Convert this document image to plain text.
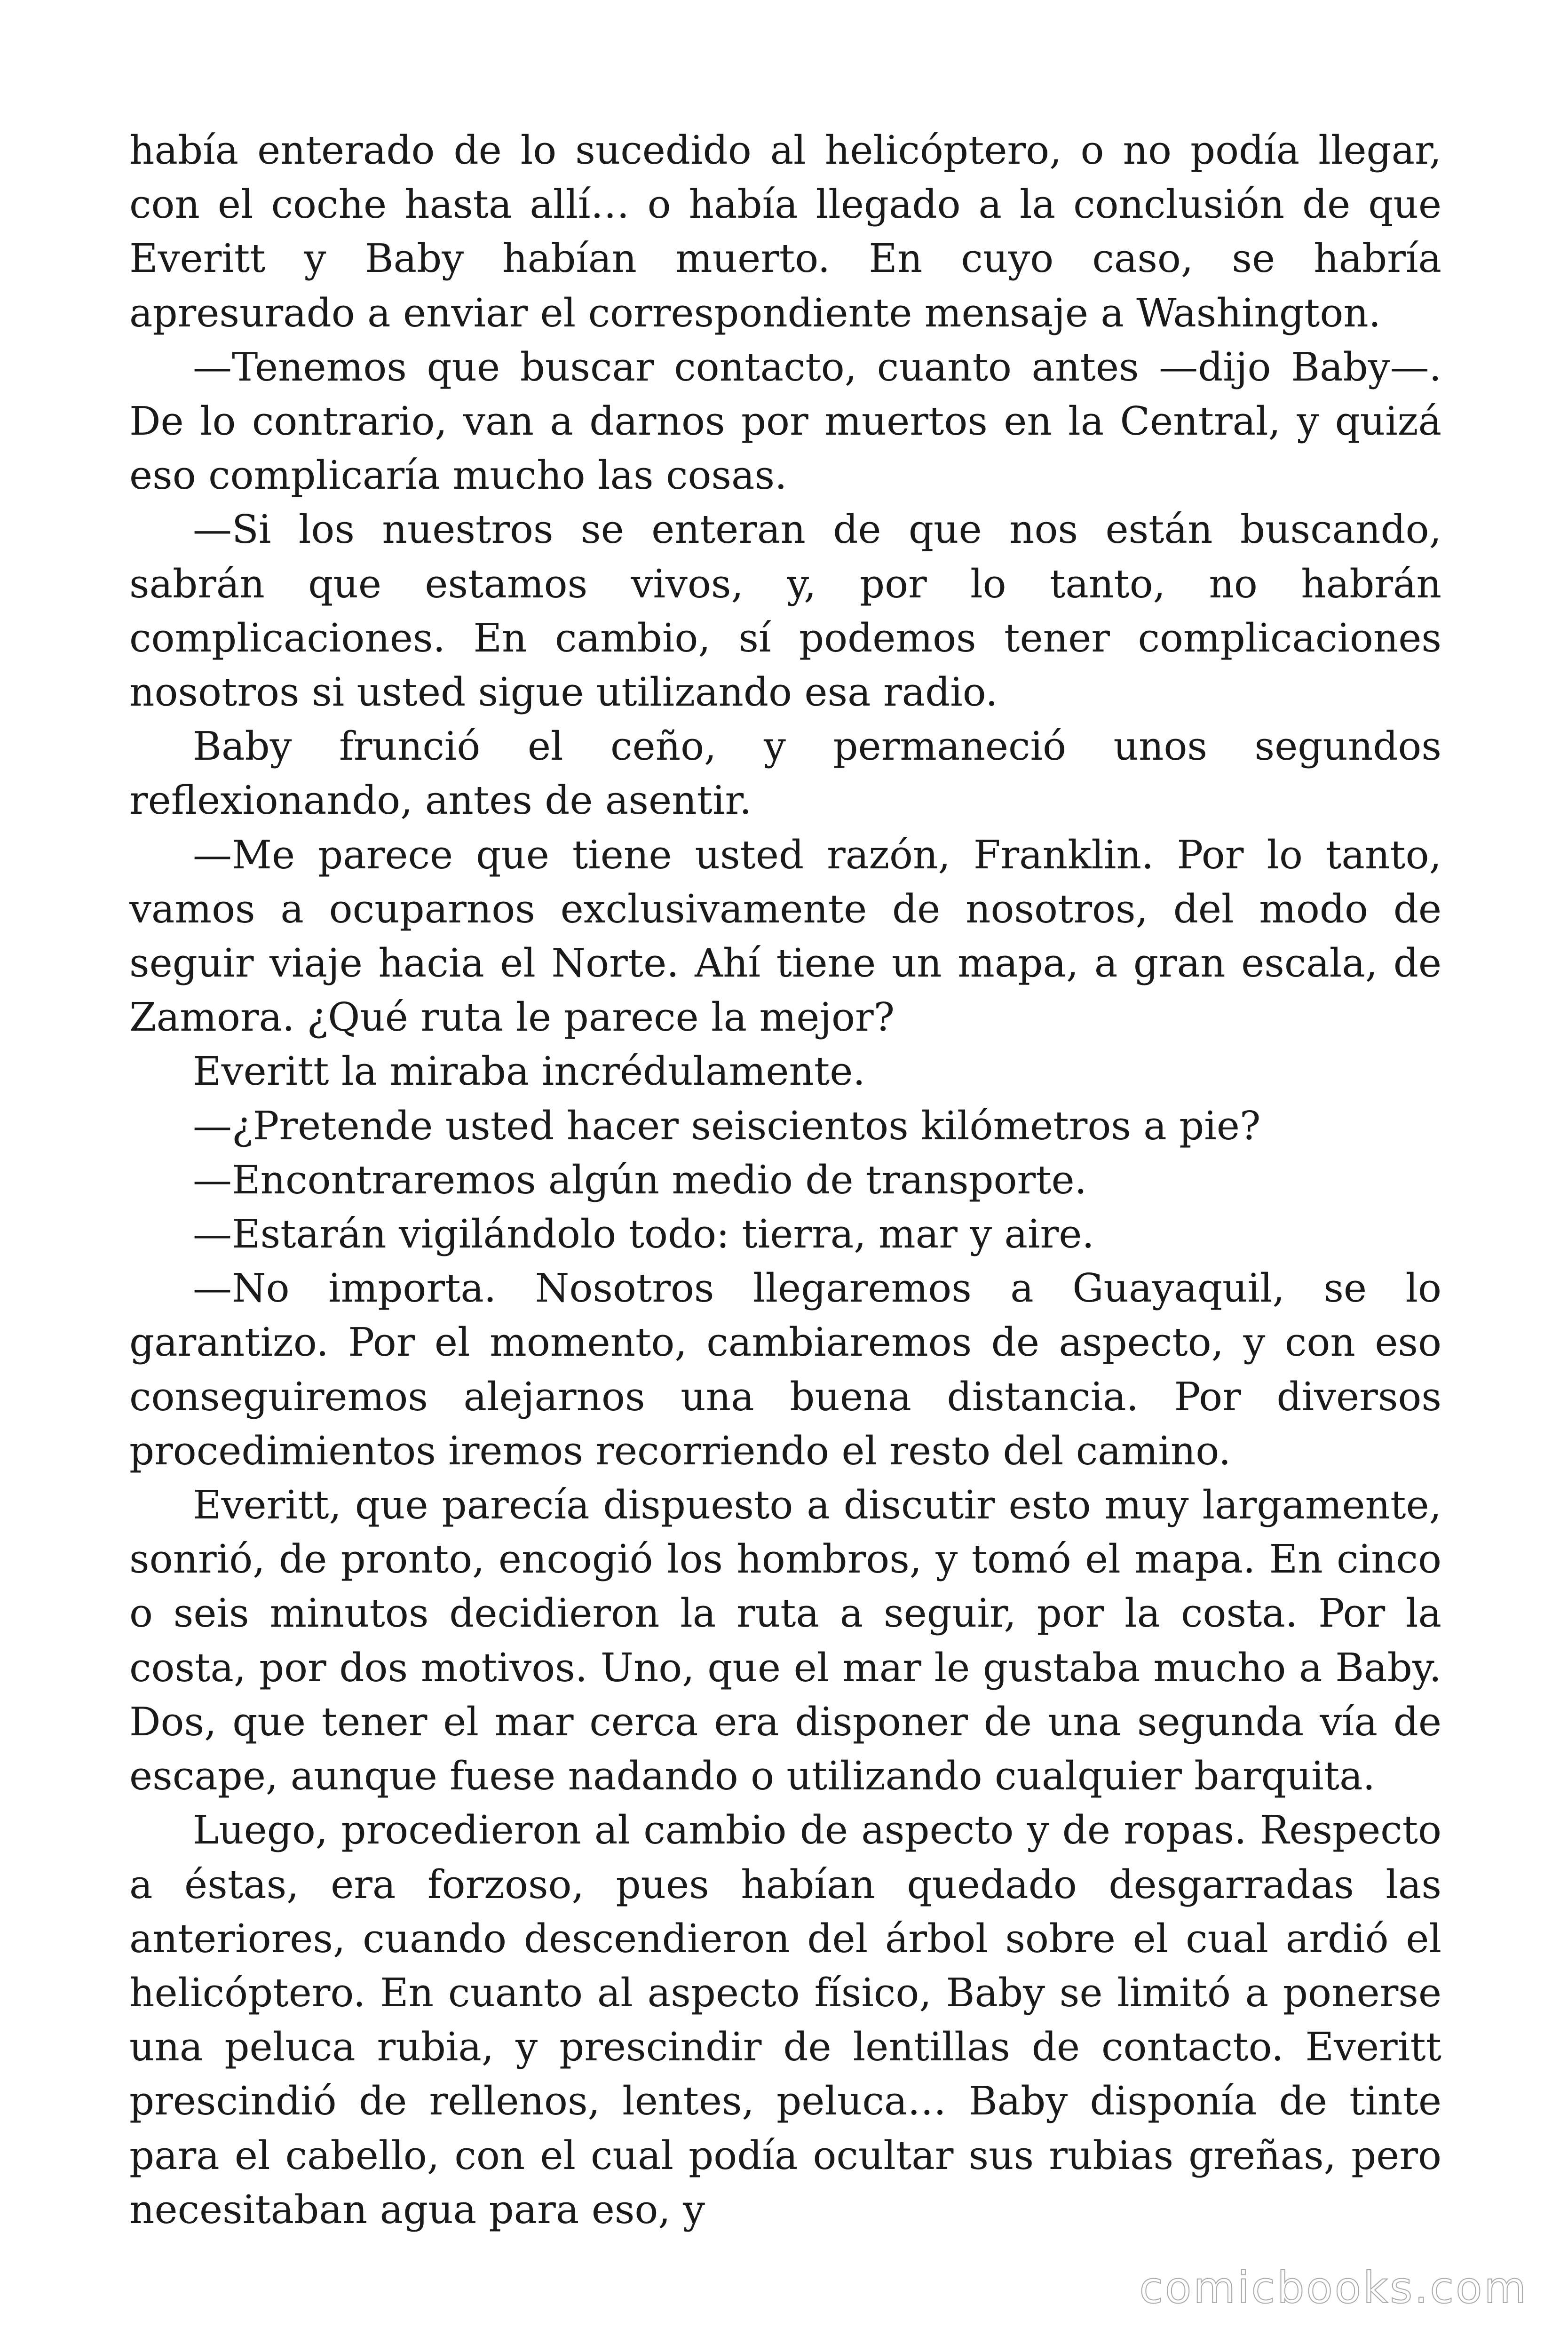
había enterado de lo sucedido al helicóptero, o no podía llegar, con el coche hasta allí… o había llegado a la conclusión de que Everitt y Baby habían muerto. En cuyo caso, se habría apresurado a enviar el correspondiente mensaje a Washington.

—Tenemos que buscar contacto, cuanto antes —dijo Baby—. De lo contrario, van a darnos por muertos en la Central, y quizá eso complicaría mucho las cosas.

—Si los nuestros se enteran de que nos están buscando, sabrán que estamos vivos, y, por lo tanto, no habrán complicaciones. En cambio, sí podemos tener complicaciones nosotros si usted sigue utilizando esa radio.

Baby frunció el ceño, y permaneció unos segundos reflexionando, antes de asentir.

—Me parece que tiene usted razón, Franklin. Por lo tanto, vamos a ocuparnos exclusivamente de nosotros, del modo de seguir viaje hacia el Norte. Ahí tiene un mapa, a gran escala, de Zamora. ¿Qué ruta le parece la mejor?

Everitt la miraba incrédulamente.

—¿Pretende usted hacer seiscientos kilómetros a pie?

—Encontraremos algún medio de transporte.

—Estarán vigilándolo todo: tierra, mar y aire.

—No importa. Nosotros llegaremos a Guayaquil, se lo garantizo. Por el momento, cambiaremos de aspecto, y con eso conseguiremos alejarnos una buena distancia. Por diversos procedimientos iremos recorriendo el resto del camino.

Everitt, que parecía dispuesto a discutir esto muy largamente, sonrió, de pronto, encogió los hombros, y tomó el mapa. En cinco o seis minutos decidieron la ruta a seguir, por la costa. Por la costa, por dos motivos. Uno, que el mar le gustaba mucho a Baby. Dos, que tener el mar cerca era disponer de una segunda vía de escape, aunque fuese nadando o utilizando cualquier barquita.

Luego, procedieron al cambio de aspecto y de ropas. Respecto a éstas, era forzoso, pues habían quedado desgarradas las anteriores, cuando descendieron del árbol sobre el cual ardió el helicóptero. En cuanto al aspecto físico, Baby se limitó a ponerse una peluca rubia, y prescindir de lentillas de contacto. Everitt prescindió de rellenos, lentes, peluca… Baby disponía de tinte para el cabello, con el cual podía ocultar sus rubias greñas, pero necesitaban agua para eso, y

comicbooks.com
